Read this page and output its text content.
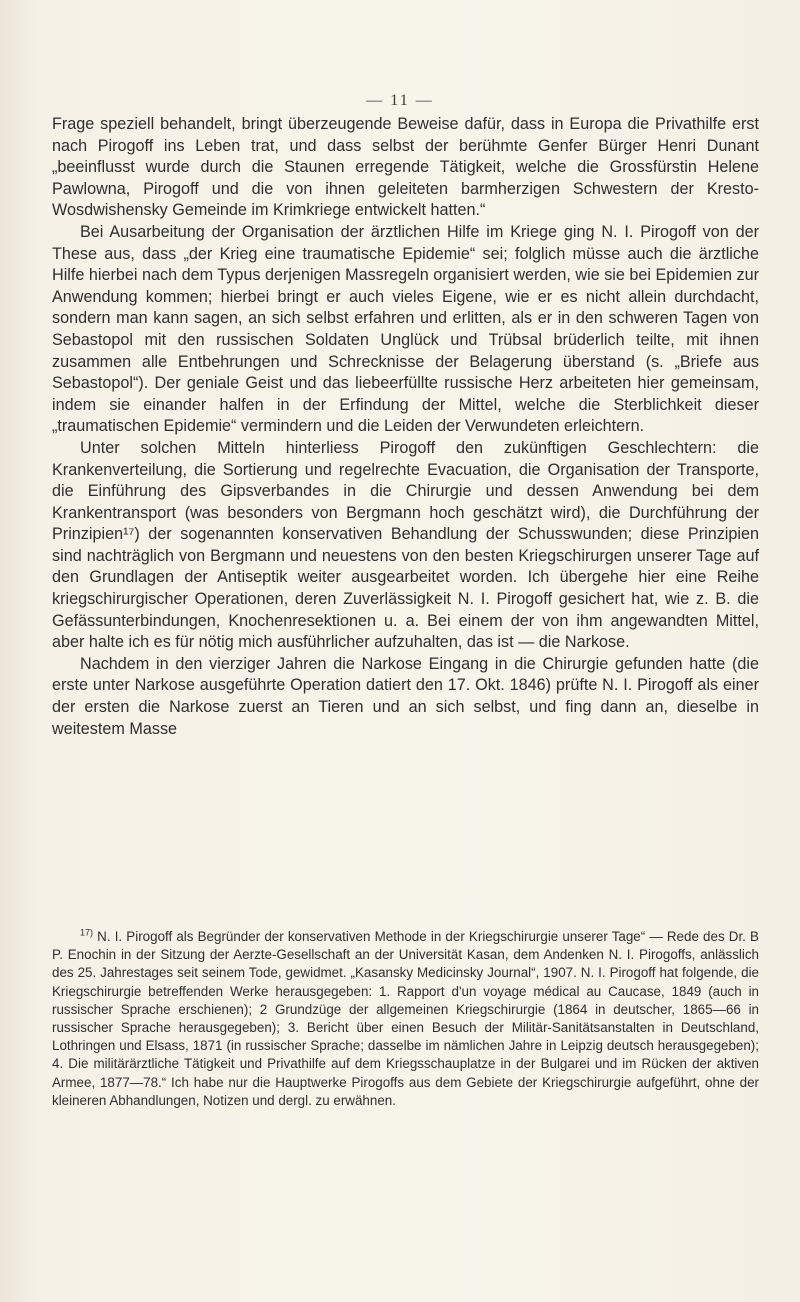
— 11 —

Frage speziell behandelt, bringt überzeugende Beweise dafür, dass in Europa die Privathilfe erst nach Pirogoff ins Leben trat, und dass selbst der berühmte Genfer Bürger Henri Dunant „beeinflusst wurde durch die Staunen erregende Tätigkeit, welche die Grossfürstin Helene Pawlowna, Pirogoff und die von ihnen geleiteten barmherzigen Schwestern der Kresto-Wosdwishensky Gemeinde im Krimkriege entwickelt hatten.“

Bei Ausarbeitung der Organisation der ärztlichen Hilfe im Kriege ging N. I. Pirogoff von der These aus, dass „der Krieg eine traumatische Epidemie“ sei; folglich müsse auch die ärztliche Hilfe hierbei nach dem Typus derjenigen Massregeln organisiert werden, wie sie bei Epidemien zur Anwendung kommen; hierbei bringt er auch vieles Eigene, wie er es nicht allein durchdacht, sondern man kann sagen, an sich selbst erfahren und erlitten, als er in den schweren Tagen von Sebastopol mit den russischen Soldaten Unglück und Trübsal brüderlich teilte, mit ihnen zusammen alle Entbehrungen und Schrecknisse der Belagerung überstand (s. „Briefe aus Sebastopol“). Der geniale Geist und das liebeerfüllte russische Herz arbeiteten hier gemeinsam, indem sie einander halfen in der Erfindung der Mittel, welche die Sterblichkeit dieser „traumatischen Epidemie“ vermindern und die Leiden der Verwundeten erleichtern.

Unter solchen Mitteln hinterliess Pirogoff den zukünftigen Geschlechtern: die Krankenverteilung, die Sortierung und regelrechte Evacuation, die Organisation der Transporte, die Einführung des Gipsverbandes in die Chirurgie und dessen Anwendung bei dem Krankentransport (was besonders von Bergmann hoch geschätzt wird), die Durchführung der Prinzipien¹⁷) der sogenannten konservativen Behandlung der Schusswunden; diese Prinzipien sind nachträglich von Bergmann und neuestens von den besten Kriegschirurgen unserer Tage auf den Grundlagen der Antiseptik weiter ausgearbeitet worden. Ich übergehe hier eine Reihe kriegschirurgischer Operationen, deren Zuverlässigkeit N. I. Pirogoff gesichert hat, wie z. B. die Gefässunterbindungen, Knochenresektionen u. a. Bei einem der von ihm angewandten Mittel, aber halte ich es für nötig mich ausführlicher aufzuhalten, das ist — die Narkose.

Nachdem in den vierziger Jahren die Narkose Eingang in die Chirurgie gefunden hatte (die erste unter Narkose ausgeführte Operation datiert den 17. Okt. 1846) prüfte N. I. Pirogoff als einer der ersten die Narkose zuerst an Tieren und an sich selbst, und fing dann an, dieselbe in weitestem Masse

$^{17)}$ N. I. Pirogoff als Begründer der konservativen Methode in der Kriegschirurgie unserer Tage“ — Rede des Dr. B P. Enochin in der Sitzung der Aerzte-Gesellschaft an der Universität Kasan, dem Andenken N. I. Pirogoffs, anlässlich des 25. Jahrestages seit seinem Tode, gewidmet. „Kasansky Medicinsky Journal“, 1907. N. I. Pirogoff hat folgende, die Kriegschirurgie betreffenden Werke herausgegeben: 1. Rapport d'un voyage médical au Caucase, 1849 (auch in russischer Sprache erschienen); 2 Grundzüge der allgemeinen Kriegschirurgie (1864 in deutscher, 1865—66 in russischer Sprache herausgegeben); 3. Bericht über einen Besuch der Militär-Sanitätsanstalten in Deutschland, Lothringen und Elsass, 1871 (in russischer Sprache; dasselbe im nämlichen Jahre in Leipzig deutsch herausgegeben); 4. Die militärärztliche Tätigkeit und Privathilfe auf dem Kriegsschauplatze in der Bulgarei und im Rücken der aktiven Armee, 1877—78.“ Ich habe nur die Hauptwerke Pirogoffs aus dem Gebiete der Kriegschirurgie aufgeführt, ohne der kleineren Abhandlungen, Notizen und dergl. zu erwähnen.
